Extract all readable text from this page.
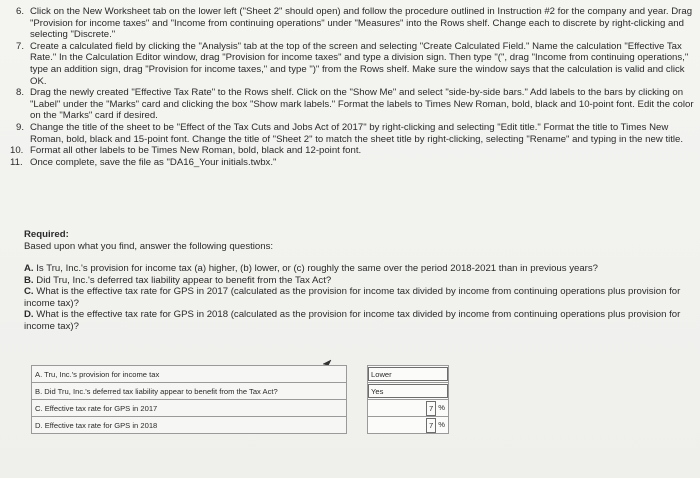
6. Click on the New Worksheet tab on the lower left ("Sheet 2" should open) and follow the procedure outlined in Instruction #2 for the company and year. Drag "Provision for income taxes" and "Income from continuing operations" under "Measures" into the Rows shelf. Change each to discrete by right-clicking and selecting "Discrete."
7. Create a calculated field by clicking the "Analysis" tab at the top of the screen and selecting "Create Calculated Field." Name the calculation "Effective Tax Rate." In the Calculation Editor window, drag "Provision for income taxes" and type a division sign. Then type "(", drag "Income from continuing operations," type an addition sign, drag "Provision for income taxes," and type ")" from the Rows shelf. Make sure the window says that the calculation is valid and click OK.
8. Drag the newly created "Effective Tax Rate" to the Rows shelf. Click on the "Show Me" and select "side-by-side bars." Add labels to the bars by clicking on "Label" under the "Marks" card and clicking the box "Show mark labels." Format the labels to Times New Roman, bold, black and 10-point font. Edit the color on the "Marks" card if desired.
9. Change the title of the sheet to be "Effect of the Tax Cuts and Jobs Act of 2017" by right-clicking and selecting "Edit title." Format the title to Times New Roman, bold, black and 15-point font. Change the title of "Sheet 2" to match the sheet title by right-clicking, selecting "Rename" and typing in the new title.
10. Format all other labels to be Times New Roman, bold, black and 12-point font.
11. Once complete, save the file as "DA16_Your initials.twbx."
Required:
Based upon what you find, answer the following questions:

A. Is Tru, Inc.'s provision for income tax (a) higher, (b) lower, or (c) roughly the same over the period 2018-2021 than in previous years?

B. Did Tru, Inc.'s deferred tax liability appear to benefit from the Tax Act?

C. What is the effective tax rate for GPS in 2017 (calculated as the provision for income tax divided by income from continuing operations plus provision for income tax)?

D. What is the effective tax rate for GPS in 2018 (calculated as the provision for income tax divided by income from continuing operations plus provision for income tax)?

A. Tru, Inc.'s provision for income tax		Lower

B. Did Tru, Inc.'s deferred tax liability appear to benefit from the Tax Act?		Yes

C. Effective tax rate for GPS in 2017		7 %

D. Effective tax rate for GPS in 2018		7 %
